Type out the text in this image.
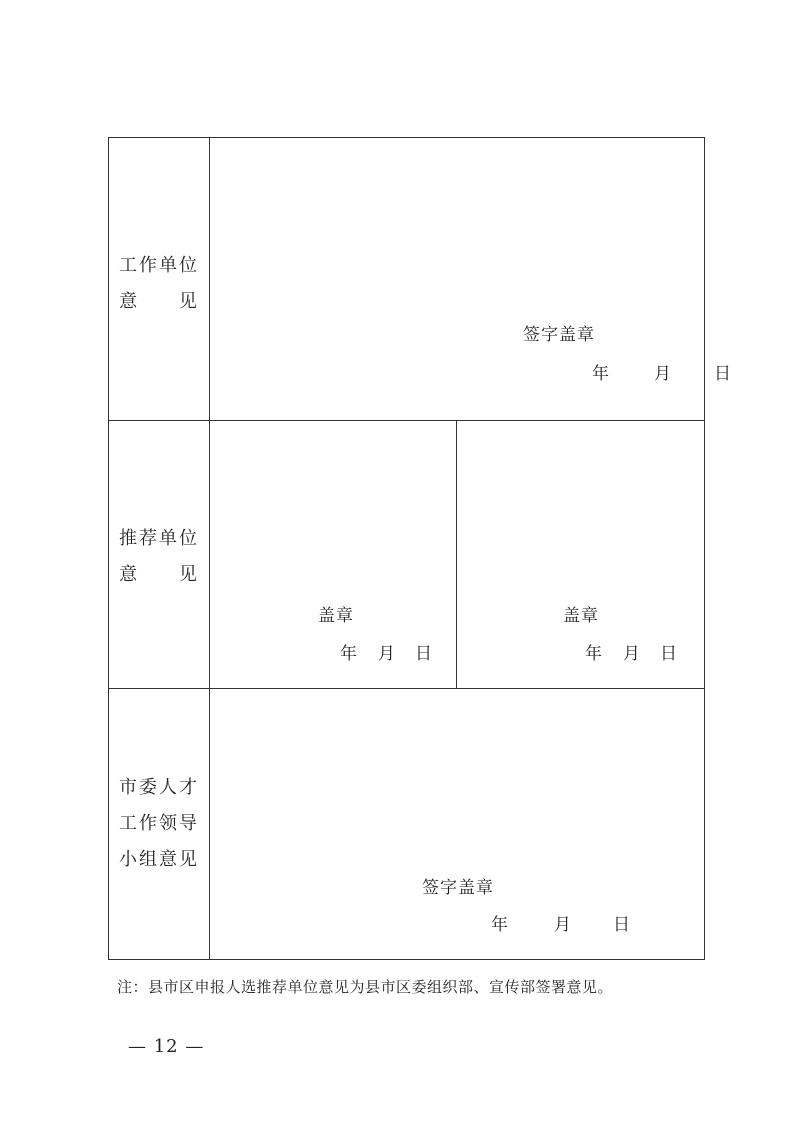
工作单位
意 见
签字盖章
年	月 日
推荐单位
意 见
盖章
年 月 日
盖章
年 月 日
市委人才
工作领导
小组意见
签字盖章
年	月 日
注：县市区申报人选推荐单位意见为县市区委组织部、宣传部签署意见。
— 12 —
